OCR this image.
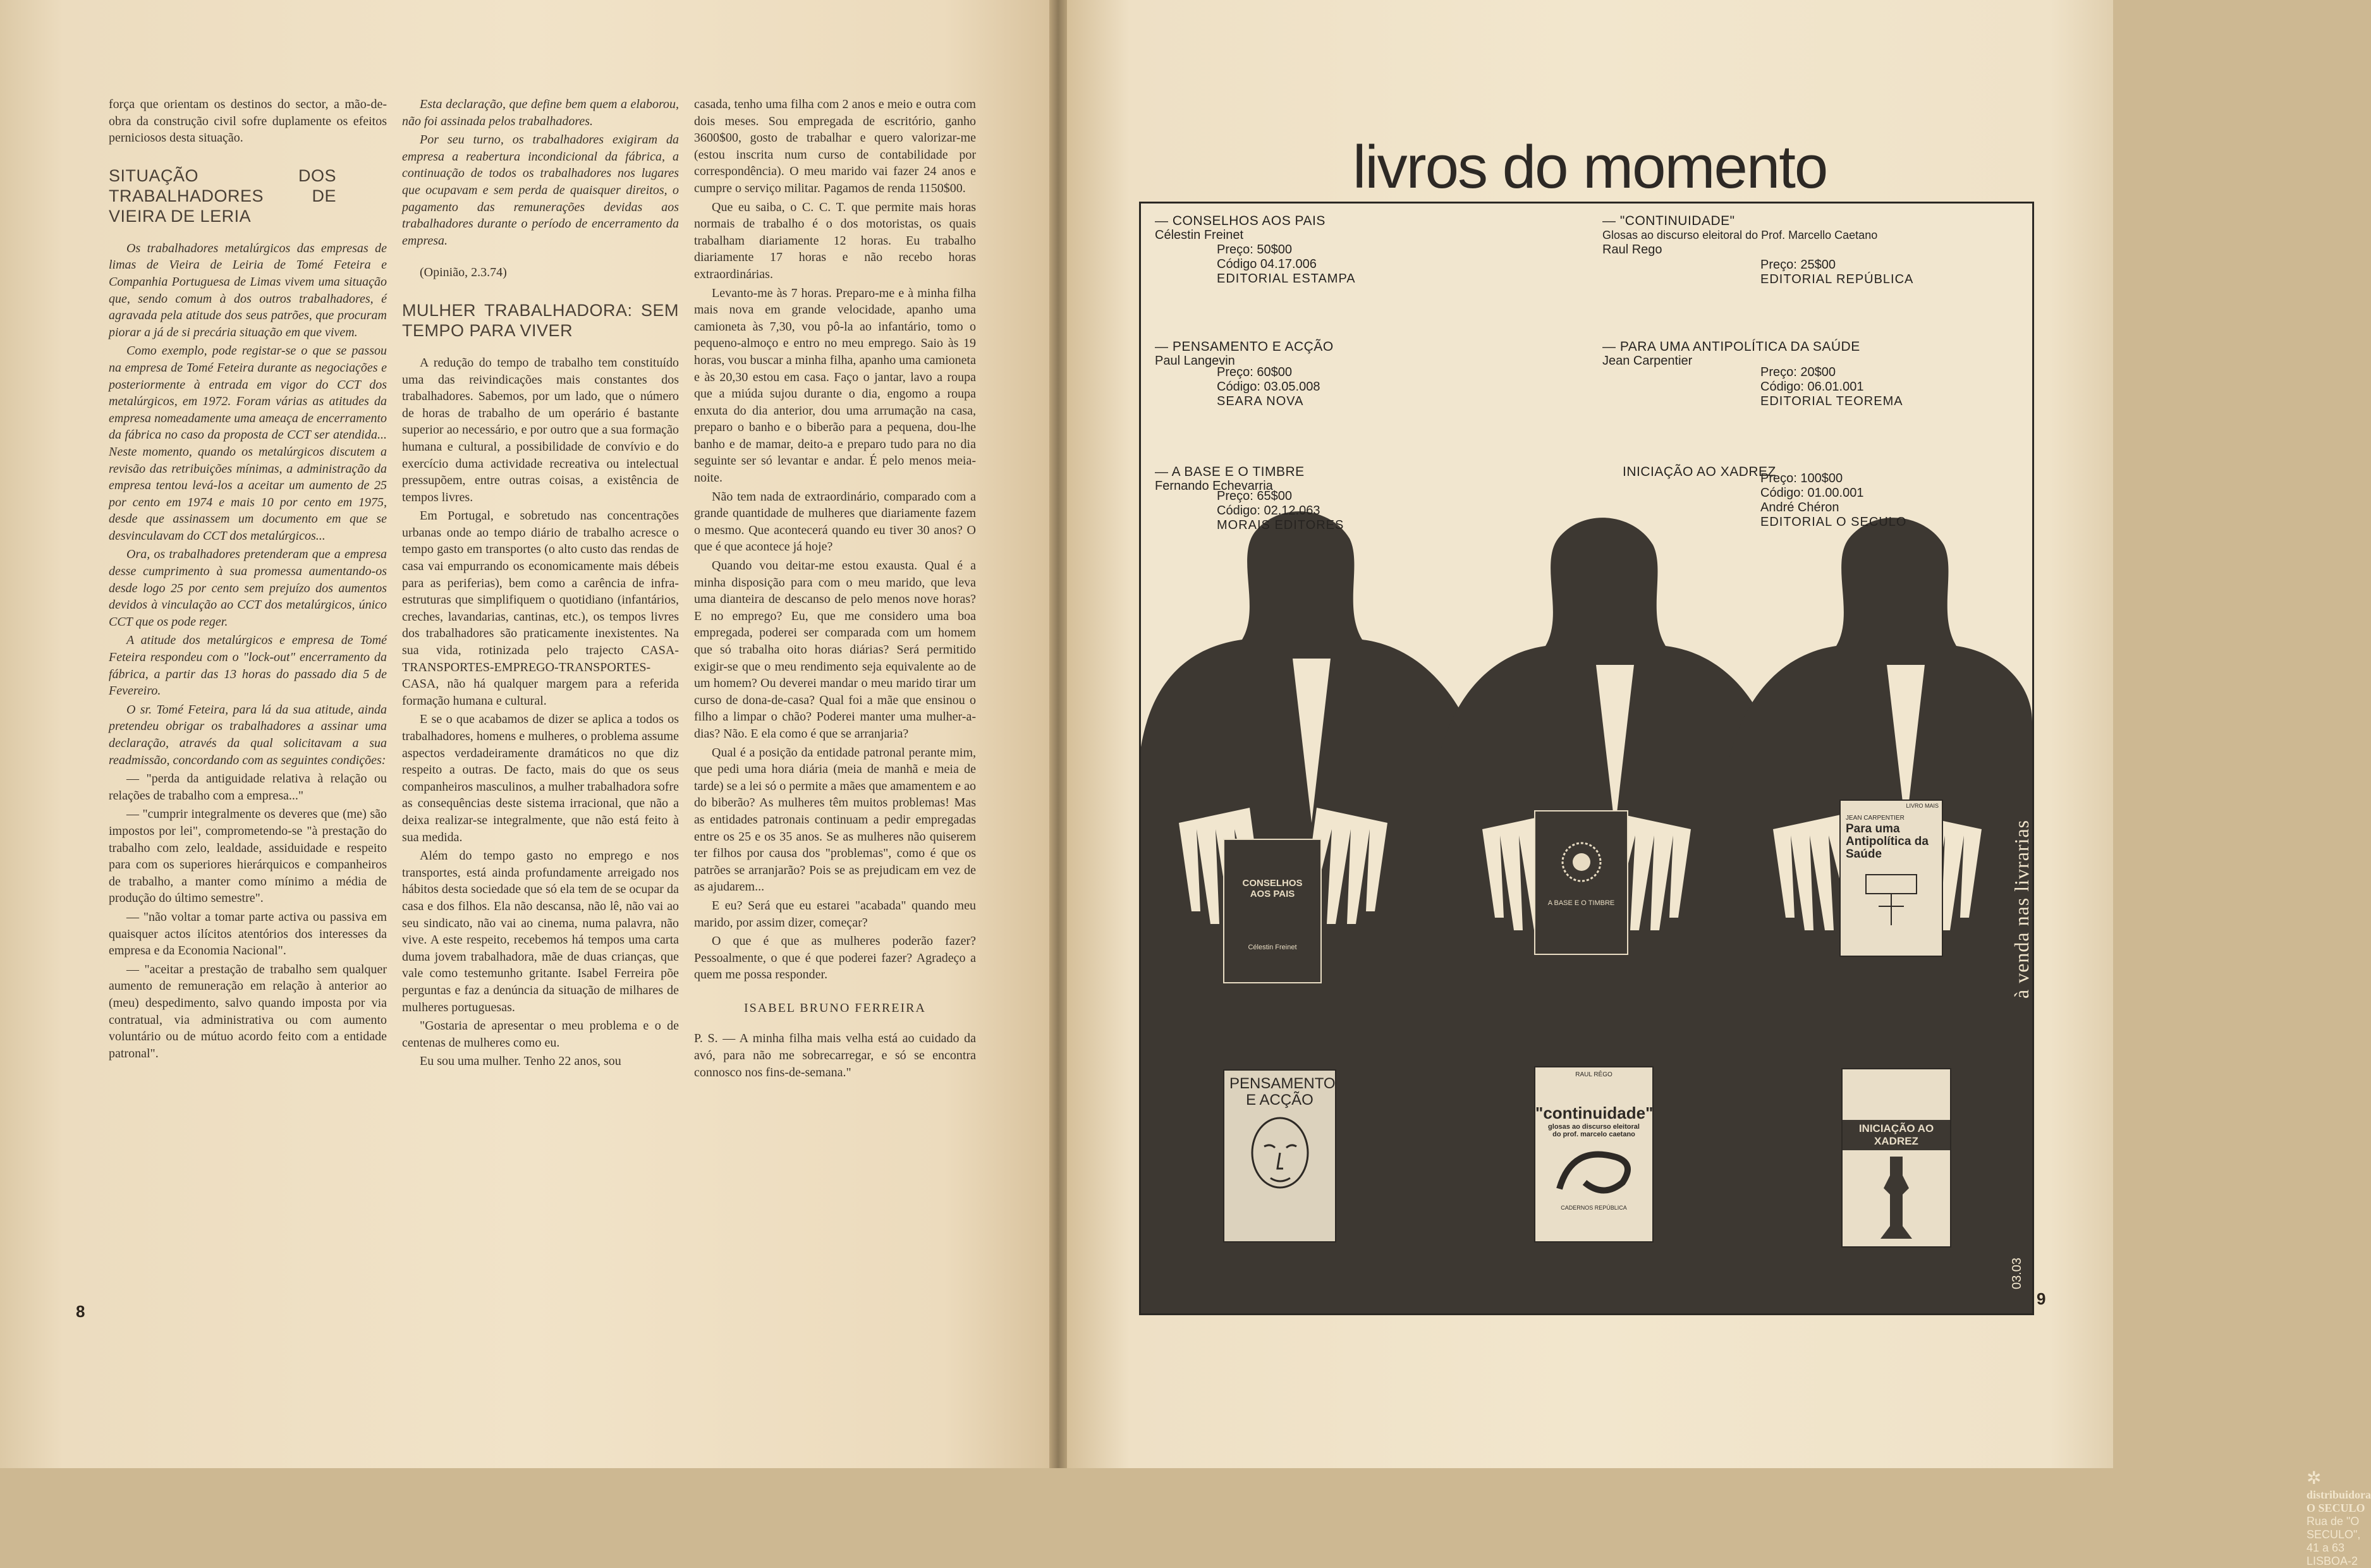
força que orientam os destinos do sector, a mão-de-obra da construção civil sofre duplamente os efeitos perniciosos desta situação.

SITUAÇÃO DOS TRABALHADORES DE VIEIRA DE LERIA

Os trabalhadores metalúrgicos das empresas de limas de Vieira de Leiria de Tomé Feteira e Companhia Portuguesa de Limas vivem uma situação que, sendo comum à dos outros trabalhadores, é agravada pela atitude dos seus patrões, que procuram piorar a já de si precária situação em que vivem.

Como exemplo, pode registar-se o que se passou na empresa de Tomé Feteira durante as negociações e posteriormente à entrada em vigor do CCT dos metalúrgicos, em 1972. Foram várias as atitudes da empresa nomeadamente uma ameaça de encerramento da fábrica no caso da proposta de CCT ser atendida... Neste momento, quando os metalúrgicos discutem a revisão das retribuições mínimas, a administração da empresa tentou levá-los a aceitar um aumento de 25 por cento em 1974 e mais 10 por cento em 1975, desde que assinassem um documento em que se desvinculavam do CCT dos metalúrgicos...

Ora, os trabalhadores pretenderam que a empresa desse cumprimento à sua promessa aumentando-os desde logo 25 por cento sem prejuízo dos aumentos devidos à vinculação ao CCT dos metalúrgicos, único CCT que os pode reger.

A atitude dos metalúrgicos e empresa de Tomé Feteira respondeu com o "lock-out" encerramento da fábrica, a partir das 13 horas do passado dia 5 de Fevereiro.

O sr. Tomé Feteira, para lá da sua atitude, ainda pretendeu obrigar os trabalhadores a assinar uma declaração, através da qual solicitavam a sua readmissão, concordando com as seguintes condições:

— "perda da antiguidade relativa à relação ou relações de trabalho com a empresa..."

— "cumprir integralmente os deveres que (me) são impostos por lei", comprometendo-se "à prestação do trabalho com zelo, lealdade, assiduidade e respeito para com os superiores hierárquicos e companheiros de trabalho, a manter como mínimo a média de produção do último semestre".

— "não voltar a tomar parte activa ou passiva em quaisquer actos ilícitos atentórios dos interesses da empresa e da Economia Nacional".

— "aceitar a prestação de trabalho sem qualquer aumento de remuneração em relação à anterior ao (meu) despedimento, salvo quando imposta por via contratual, via administrativa ou com aumento voluntário ou de mútuo acordo feito com a entidade patronal".

Esta declaração, que define bem quem a elaborou, não foi assinada pelos trabalhadores.

Por seu turno, os trabalhadores exigiram da empresa a reabertura incondicional da fábrica, a continuação de todos os trabalhadores nos lugares que ocupavam e sem perda de quaisquer direitos, o pagamento das remunerações devidas aos trabalhadores durante o período de encerramento da empresa.

(Opinião, 2.3.74)

MULHER TRABALHADORA: SEM TEMPO PARA VIVER

A redução do tempo de trabalho tem constituído uma das reivindicações mais constantes dos trabalhadores. Sabemos, por um lado, que o número de horas de trabalho de um operário é bastante superior ao necessário, e por outro que a sua formação humana e cultural, a possibilidade de convívio e do exercício duma actividade recreativa ou intelectual pressupõem, entre outras coisas, a existência de tempos livres.

Em Portugal, e sobretudo nas concentrações urbanas onde ao tempo diário de trabalho acresce o tempo gasto em transportes (o alto custo das rendas de casa vai empurrando os economicamente mais débeis para as periferias), bem como a carência de infra-estruturas que simplifiquem o quotidiano (infantários, creches, lavandarias, cantinas, etc.), os tempos livres dos trabalhadores são praticamente inexistentes. Na sua vida, rotinizada pelo trajecto CASA-TRANSPORTES-EMPREGO-TRANSPORTES-CASA, não há qualquer margem para a referida formação humana e cultural.

E se o que acabamos de dizer se aplica a todos os trabalhadores, homens e mulheres, o problema assume aspectos verdadeiramente dramáticos no que diz respeito a outras. De facto, mais do que os seus companheiros masculinos, a mulher trabalhadora sofre as consequências deste sistema irracional, que não a deixa realizar-se integralmente, que não está feito à sua medida.

Além do tempo gasto no emprego e nos transportes, está ainda profundamente arreigado nos hábitos desta sociedade que só ela tem de se ocupar da casa e dos filhos. Ela não descansa, não lê, não vai ao seu sindicato, não vai ao cinema, numa palavra, não vive. A este respeito, recebemos há tempos uma carta duma jovem trabalhadora, mãe de duas crianças, que vale como testemunho gritante. Isabel Ferreira põe perguntas e faz a denúncia da situação de milhares de mulheres portuguesas.

"Gostaria de apresentar o meu problema e o de centenas de mulheres como eu.

Eu sou uma mulher. Tenho 22 anos, sou

casada, tenho uma filha com 2 anos e meio e outra com dois meses. Sou empregada de escritório, ganho 3600$00, gosto de trabalhar e quero valorizar-me (estou inscrita num curso de contabilidade por correspondência). O meu marido vai fazer 24 anos e cumpre o serviço militar. Pagamos de renda 1150$00.

Que eu saiba, o C. C. T. que permite mais horas normais de trabalho é o dos motoristas, os quais trabalham diariamente 12 horas. Eu trabalho diariamente 17 horas e não recebo horas extraordinárias.

Levanto-me às 7 horas. Preparo-me e à minha filha mais nova em grande velocidade, apanho uma camioneta às 7,30, vou pô-la ao infantário, tomo o pequeno-almoço e entro no meu emprego. Saio às 19 horas, vou buscar a minha filha, apanho uma camioneta e às 20,30 estou em casa. Faço o jantar, lavo a roupa que a miúda sujou durante o dia, engomo a roupa enxuta do dia anterior, dou uma arrumação na casa, preparo o banho e o biberão para a pequena, dou-lhe banho e de mamar, deito-a e preparo tudo para no dia seguinte ser só levantar e andar. É pelo menos meia-noite.

Não tem nada de extraordinário, comparado com a grande quantidade de mulheres que diariamente fazem o mesmo. Que acontecerá quando eu tiver 30 anos? O que é que acontece já hoje?

Quando vou deitar-me estou exausta. Qual é a minha disposição para com o meu marido, que leva uma dianteira de descanso de pelo menos nove horas? E no emprego? Eu, que me considero uma boa empregada, poderei ser comparada com um homem que só trabalha oito horas diárias? Será permitido exigir-se que o meu rendimento seja equivalente ao de um homem? Ou deverei mandar o meu marido tirar um curso de dona-de-casa? Qual foi a mãe que ensinou o filho a limpar o chão? Poderei manter uma mulher-a-dias? Não. E ela como é que se arranjaria?

Qual é a posição da entidade patronal perante mim, que pedi uma hora diária (meia de manhã e meia de tarde) se a lei só o permite a mães que amamentem e ao do biberão? As mulheres têm muitos problemas! Mas as entidades patronais continuam a pedir empregadas entre os 25 e os 35 anos. Se as mulheres não quiserem ter filhos por causa dos "problemas", como é que os patrões se arranjarão? Pois se as prejudicam em vez de as ajudarem...

E eu? Será que eu estarei "acabada" quando meu marido, por assim dizer, começar?

O que é que as mulheres poderão fazer? Pessoalmente, o que é que poderei fazer? Agradeço a quem me possa responder.

ISABEL BRUNO FERREIRA

P. S. — A minha filha mais velha está ao cuidado da avó, para não me sobrecarregar, e só se encontra connosco nos fins-de-semana."

8
livros do momento
— CONSELHOS AOS PAIS
Célestin Freinet
Preço: 50$00
Código 04.17.006
EDITORIAL ESTAMPA
— "CONTINUIDADE"
Glosas ao discurso eleitoral do Prof. Marcello Caetano
Raul Rego
Preço: 25$00
EDITORIAL REPÚBLICA
— PENSAMENTO E ACÇÃO
Paul Langevin
Preço: 60$00
Código: 03.05.008
SEARA NOVA
— PARA UMA ANTIPOLÍTICA DA SAÚDE
Jean Carpentier
Preço: 20$00
Código: 06.01.001
EDITORIAL TEOREMA
— A BASE E O TIMBRE
Fernando Echevarria
Preço: 65$00
Código: 02.12.063
MORAIS EDITORES
INICIAÇÃO AO XADREZ
Preço: 100$00
Código: 01.00.001
André Chéron
EDITORIAL O SECULO
CONSELHOS AOS PAIS
Célestin Freinet
A BASE E O TIMBRE
LIVRO MAIS
JEAN CARPENTIER
Para uma Antipolítica da Saúde
PENSAMENTO E ACÇÃO
RAUL RÊGO
"continuidade"
glosas ao discurso eleitoral do prof. marcelo caetano
CADERNOS REPÚBLICA
INICIAÇÃO AO XADREZ
✲ distribuidora O SECULO Rua de "O SECULO", 41 a 63 LISBOA-2
à venda nas livrarias
03.03
9
